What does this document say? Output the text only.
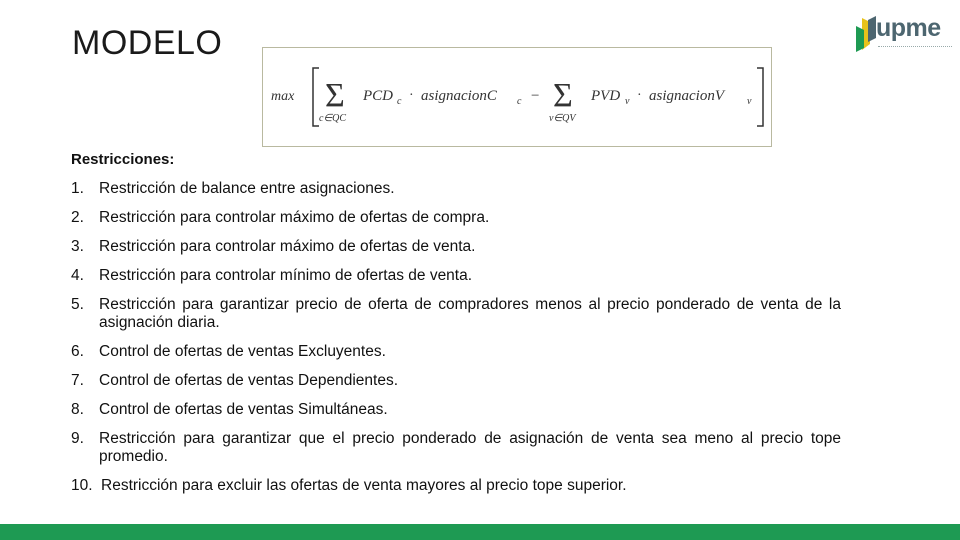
MODELO	upme
max Σ
c∈QC
PCD c · asignacionC c − Σ
v∈QV
PVD v · asignacionV v
Restricciones:
1. Restricción de balance entre asignaciones.
2. Restricción para controlar máximo de ofertas de compra.
3. Restricción para controlar máximo de ofertas de venta.
4. Restricción para controlar mínimo de ofertas de venta.
5. Restricción para garantizar precio de oferta de compradores menos al precio ponderado de venta de la asignación diaria.
6. Control de ofertas de ventas Excluyentes.
7. Control de ofertas de ventas Dependientes.
8. Control de ofertas de ventas Simultáneas.
9. Restricción para garantizar que el precio ponderado de asignación de venta sea meno al precio tope promedio.
10. Restricción para excluir las ofertas de venta mayores al precio tope superior.
